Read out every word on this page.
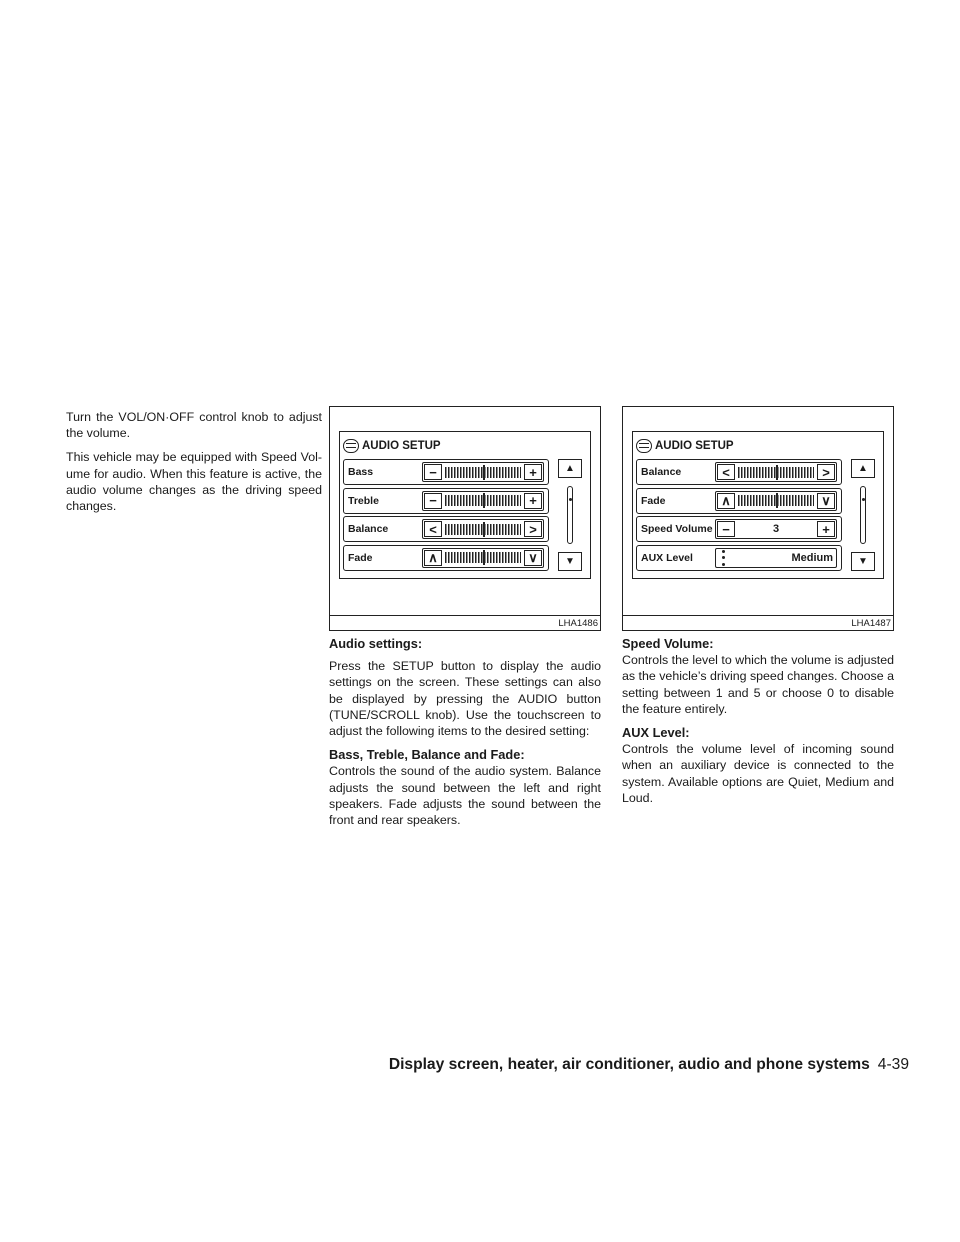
Turn the VOL/ON·OFF control knob to adjust the volume.

This vehicle may be equipped with Speed Vol- ume for audio. When this feature is active, the audio volume changes as the driving speed changes.

AUDIO SETUP
Bass	−	+
Treble	−	+
Balance	<	>
Fade	∧	∨
▲
▼
LHA1486
AUDIO SETUP
Balance	<	>
Fade	∧	∨
Speed Volume −	3	+
AUX Level	Medium
▲
▼
LHA1487
Audio settings:

Press the SETUP button to display the audio settings on the screen. These settings can also be displayed by pressing the AUDIO button (TUNE/SCROLL knob). Use the touchscreen to adjust the following items to the desired setting:

Bass, Treble, Balance and Fade:

Controls the sound of the audio system. Balance adjusts the sound between the left and right speakers. Fade adjusts the sound between the front and rear speakers.

Speed Volume:

Controls the level to which the volume is adjusted as the vehicle’s driving speed changes. Choose a setting between 1 and 5 or choose 0 to disable the feature entirely.

AUX Level:

Controls the volume level of incoming sound when an auxiliary device is connected to the system. Available options are Quiet, Medium and Loud.

Display screen, heater, air conditioner, audio and phone systems 4-39
